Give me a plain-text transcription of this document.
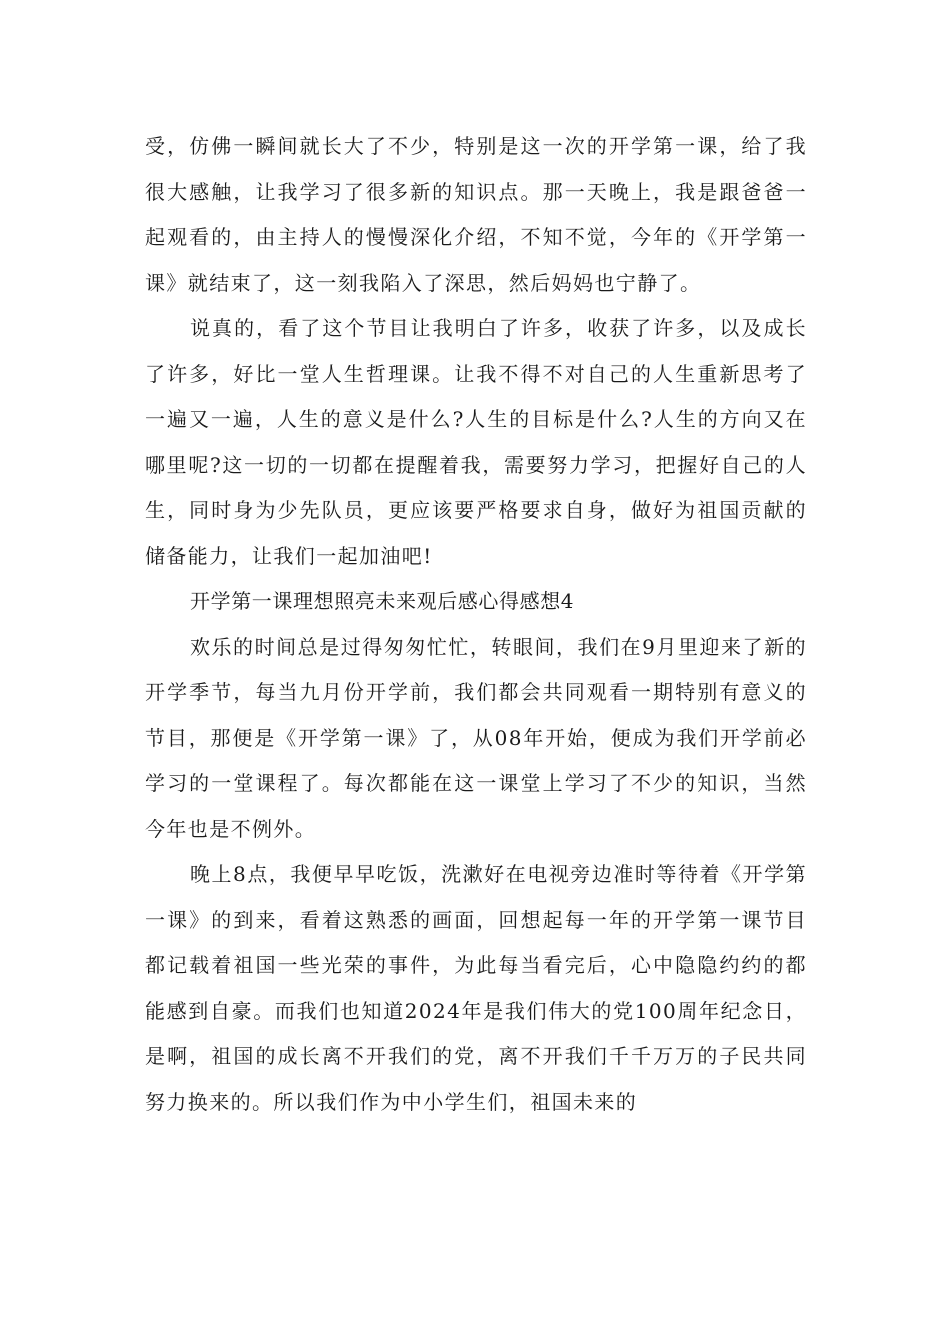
受，仿佛一瞬间就长大了不少，特别是这一次的开学第一课，给了我很大感触，让我学习了很多新的知识点。那一天晚上，我是跟爸爸一起观看的，由主持人的慢慢深化介绍，不知不觉，今年的《开学第一课》就结束了，这一刻我陷入了深思，然后妈妈也宁静了。

说真的，看了这个节目让我明白了许多，收获了许多，以及成长了许多，好比一堂人生哲理课。让我不得不对自己的人生重新思考了一遍又一遍，人生的意义是什么?人生的目标是什么?人生的方向又在哪里呢?这一切的一切都在提醒着我，需要努力学习，把握好自己的人生，同时身为少先队员，更应该要严格要求自身，做好为祖国贡献的储备能力，让我们一起加油吧!

开学第一课理想照亮未来观后感心得感想4

欢乐的时间总是过得匆匆忙忙，转眼间，我们在9月里迎来了新的开学季节，每当九月份开学前，我们都会共同观看一期特别有意义的节目，那便是《开学第一课》了，从08年开始，便成为我们开学前必学习的一堂课程了。每次都能在这一课堂上学习了不少的知识，当然今年也是不例外。

晚上8点，我便早早吃饭，洗漱好在电视旁边准时等待着《开学第一课》的到来，看着这熟悉的画面，回想起每一年的开学第一课节目都记载着祖国一些光荣的事件，为此每当看完后，心中隐隐约约的都能感到自豪。而我们也知道2024年是我们伟大的党100周年纪念日，是啊，祖国的成长离不开我们的党，离不开我们千千万万的子民共同努力换来的。所以我们作为中小学生们，祖国未来的
